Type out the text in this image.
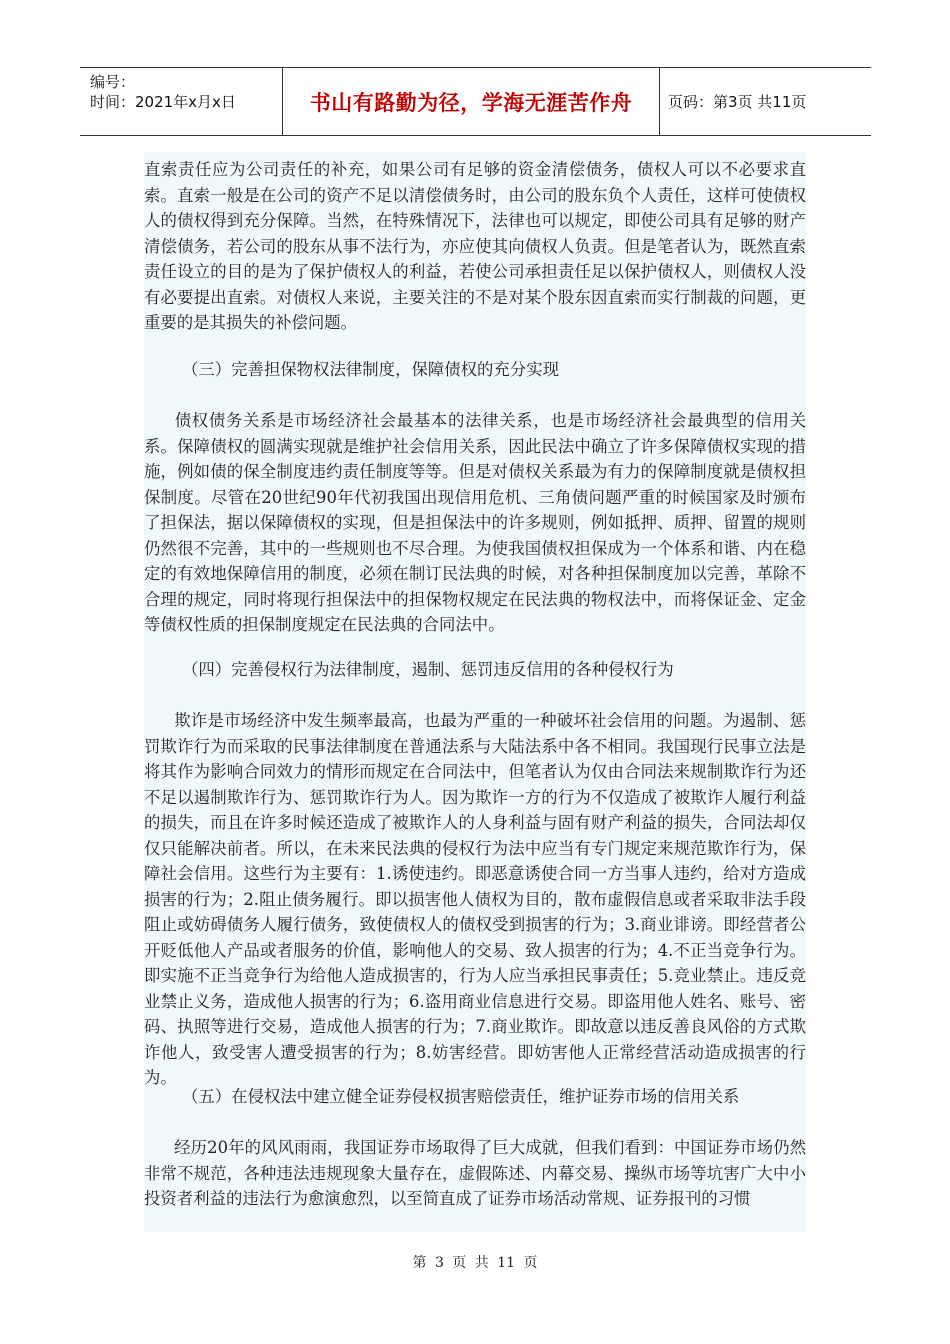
编号：
时间：2021年x月x日	书山有路勤为径，学海无涯苦作舟 页码：第3页 共11页

直索责任应为公司责任的补充，如果公司有足够的资金清偿债务，债权人可以不必要求直索。直索一般是在公司的资产不足以清偿债务时，由公司的股东负个人责任，这样可使债权人的债权得到充分保障。当然，在特殊情况下，法律也可以规定，即使公司具有足够的财产清偿债务，若公司的股东从事不法行为，亦应使其向债权人负责。但是笔者认为，既然直索责任设立的目的是为了保护债权人的利益，若使公司承担责任足以保护债权人，则债权人没有必要提出直索。对债权人来说，主要关注的不是对某个股东因直索而实行制裁的问题，更重要的是其损失的补偿问题。

（三）完善担保物权法律制度，保障债权的充分实现

债权债务关系是市场经济社会最基本的法律关系，也是市场经济社会最典型的信用关系。保障债权的圆满实现就是维护社会信用关系，因此民法中确立了许多保障债权实现的措施，例如债的保全制度违约责任制度等等。但是对债权关系最为有力的保障制度就是债权担保制度。尽管在20世纪90年代初我国出现信用危机、三角债问题严重的时候国家及时颁布了担保法，据以保障债权的实现，但是担保法中的许多规则，例如抵押、质押、留置的规则仍然很不完善，其中的一些规则也不尽合理。为使我国债权担保成为一个体系和谐、内在稳定的有效地保障信用的制度，必须在制订民法典的时候，对各种担保制度加以完善，革除不合理的规定，同时将现行担保法中的担保物权规定在民法典的物权法中，而将保证金、定金等债权性质的担保制度规定在民法典的合同法中。

（四）完善侵权行为法律制度，遏制、惩罚违反信用的各种侵权行为

欺诈是市场经济中发生频率最高，也最为严重的一种破坏社会信用的问题。为遏制、惩罚欺诈行为而采取的民事法律制度在普通法系与大陆法系中各不相同。我国现行民事立法是将其作为影响合同效力的情形而规定在合同法中，但笔者认为仅由合同法来规制欺诈行为还不足以遏制欺诈行为、惩罚欺诈行为人。因为欺诈一方的行为不仅造成了被欺诈人履行利益的损失，而且在许多时候还造成了被欺诈人的人身利益与固有财产利益的损失，合同法却仅仅只能解决前者。所以，在未来民法典的侵权行为法中应当有专门规定来规范欺诈行为，保障社会信用。这些行为主要有：1.诱使违约。即恶意诱使合同一方当事人违约，给对方造成损害的行为；2.阻止债务履行。即以损害他人债权为目的，散布虚假信息或者采取非法手段阻止或妨碍债务人履行债务，致使债权人的债权受到损害的行为；3.商业诽谤。即经营者公开贬低他人产品或者服务的价值，影响他人的交易、致人损害的行为；4.不正当竞争行为。即实施不正当竞争行为给他人造成损害的，行为人应当承担民事责任；5.竞业禁止。违反竞业禁止义务，造成他人损害的行为；6.盗用商业信息进行交易。即盗用他人姓名、账号、密码、执照等进行交易，造成他人损害的行为；7.商业欺诈。即故意以违反善良风俗的方式欺诈他人，致受害人遭受损害的行为；8.妨害经营。即妨害他人正常经营活动造成损害的行为。

（五）在侵权法中建立健全证券侵权损害赔偿责任，维护证券市场的信用关系

经历20年的风风雨雨，我国证券市场取得了巨大成就，但我们看到：中国证券市场仍然非常不规范，各种违法违规现象大量存在，虚假陈述、内幕交易、操纵市场等坑害广大中小投资者利益的违法行为愈演愈烈，以至简直成了证券市场活动常规、证券报刊的习惯

第 3 页 共 11 页
